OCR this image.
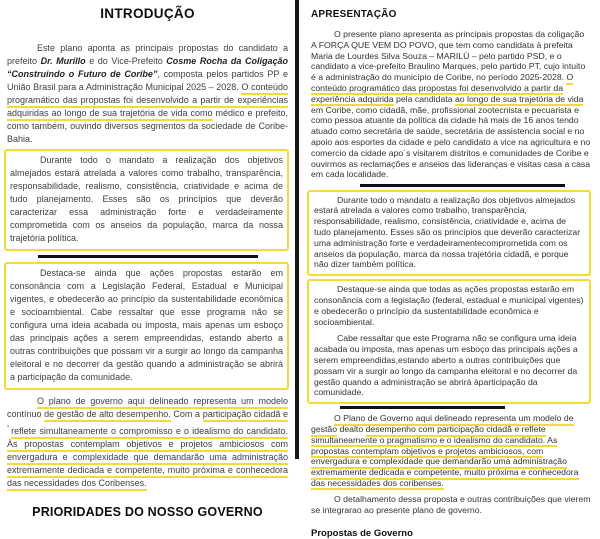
INTRODUÇÃO

Este plano aponta as principais propostas do candidato a prefeito Dr. Murillo e do Vice-Prefeito Cosme Rocha da Coligação “Construindo o Futuro de Coribe”, composta pelos partidos PP e União Brasil para a Administração Municipal 2025 – 2028. O conteúdo programático das propostas foi desenvolvido a partir de experiências adquiridas ao longo de sua trajetória de vida como médico e prefeito, como também, ouvindo diversos segmentos da sociedade de Coribe-Bahia.

Durante todo o mandato a realização dos objetivos almejados estará atrelada a valores como trabalho, transparência, responsabilidade, realismo, consistência, criatividade e acima de tudo planejamento. Esses são os princípios que deverão caracterizar essa administração forte e verdadeiramente comprometida com os anseios da população, marca da nossa trajetória política.

Destaca-se ainda que ações propostas estarão em consonância com a Legislação Federal, Estadual e Municipal vigentes, e obedecerão ao princípio da sustentabilidade econômica e socioambiental. Cabe ressaltar que esse programa não se configura uma ideia acabada ou imposta, mais apenas um esboço das principais ações a serem empreendidas, estando aberto a outras contribuições que possam vir a surgir ao longo da campanha eleitoral e no decorrer da gestão quando a administração se abrirá a participação da comunidade.

O plano de governo aqui delineado representa um modelo contínuo de gestão de alto desempenho. Com a participação cidadã e ’ reflete simultaneamente o compromisso e o idealismo do candidato. Às propostas contemplam objetivos e projetos ambiciosos com envergadura e complexidade que demandarão uma administração extremamente dedicada e competente, muito próxima e conhecedora das necessidades dos Coribenses.

PRIORIDADES DO NOSSO GOVERNO
APRESENTAÇÃO

O presente plano apresenta as principais propostas da coligação A FORÇA QUE VEM DO POVO, que tem como candidata à prefeita Maria de Lourdes Silva Souza – MARILÚ – pelo partido PSD, e o candidato a vice-prefeito Braulino Marques, pelo partido PT, cujo intuito é a administração do município de Coribe, no período 2025-2028. O conteúdo programático das propostas foi desenvolvido a partir da experiência adquirida pela candidata ao longo de sua trajetória de vida em Coribe, como cidadã, mãe, profissional zootecnista e pecuarista e como pessoa atuante da política da cidade há mais de 16 anos tendo atuado como secretária de saúde, secretária de assistencia social e no apoio aos esportes da cidade e pelo candidato a vice na agricultura e no comercio da cidade apo´s visitarem distritos e comunidades de Coribe e ouvirmos as reclamações e anseios das lideranças e visitas casa a casa em cada localidade.

Durante todo o mandato a realização dos objetivos almejados estará atrelada a valores como trabalho, transparência, responsabilidade, realismo, consistência, criatividade e, acima de tudo planejamento. Esses são os princípios que deverão caracterizar uma administração forte e verdadeiramentecomprometida com os anseios da população, marca da nossa trajetória cidadã, e porque não dizer também política.

Destaque-se ainda que todas as ações propostas estarão em consonância com a legislação (federal, estadual e municipal vigentes) e obedecerão o princípio da sustentabilidade econômica e socioambiental.

Cabe ressaltar que este Programa não se configura uma ideia acabada ou imposta, mas apenas um esboço das principais ações a serem empreendidas,estando aberto a outras contribuições que possam vir a surgir ao longo da campanha eleitoral e no decorrer da gestão quando a administração se abrirá àparticipação da comunidade.

O Plano de Governo aqui delineado representa um modelo de gestão dealto desempenho com participação cidadã e reflete simultaneamente o pragmatismo e o idealismo do candidato. As propostas contemplam objetivos e projetos ambiciosos, com envergadura e complexidade que demandarão uma administração extremamente dedicada e competente, muito próxima e conhecedora das necessidades dos coribenses.

O detalhamento dessa proposta e outras contribuições que vierem se integrarao ao presente plano de governo.

Propostas de Governo
